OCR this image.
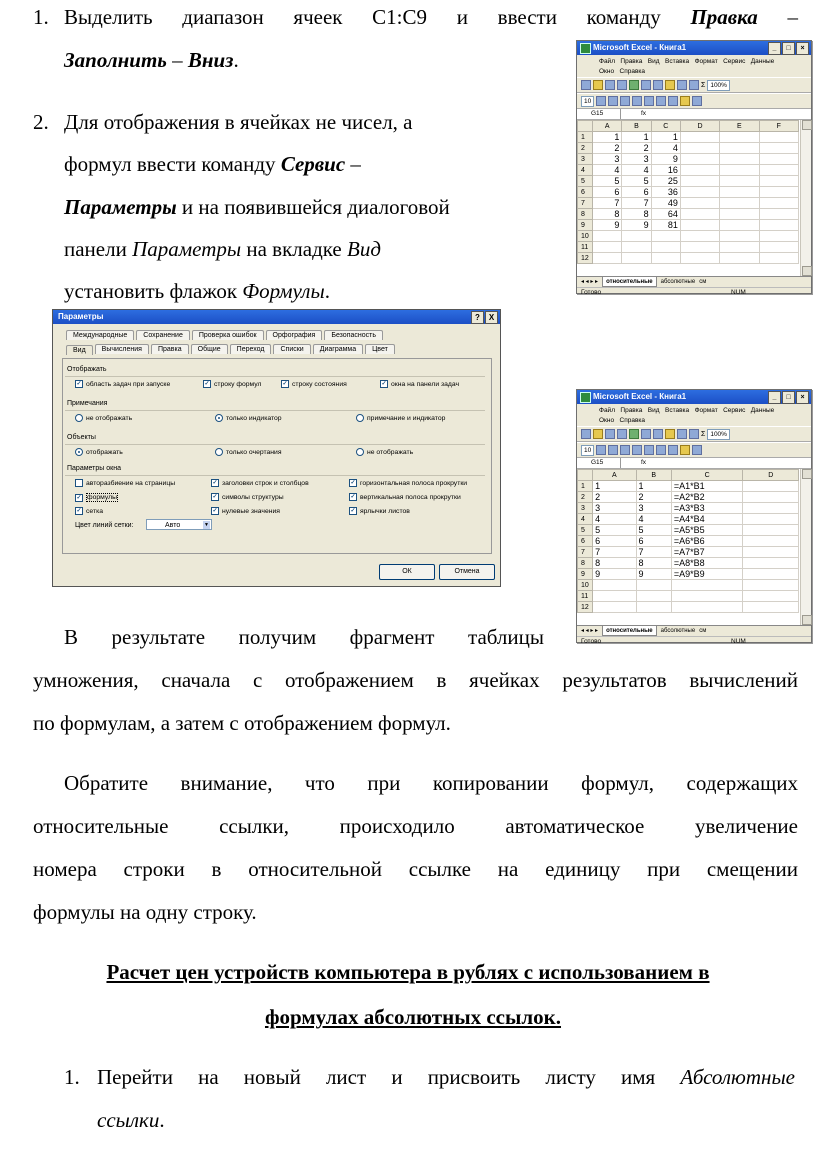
1. Выделить диапазон ячеек С1:С9 и ввести команду Правка –
Заполнить – Вниз.
2. Для отображения в ячейках не чисел, а
формул ввести команду Сервис –
Параметры и на появившейся диалоговой
панели Параметры на вкладке Вид
установить флажок Формулы.
Microsoft Excel - Книга1	_	□	×
Файл Правка Вид Вставка Формат Сервис Данные
Окно Справка
Σ 100%
10
G15	fx
	A	B	C	D	E	F
1	1	1	1			
2	2	2	4			
3	3	3	9			
4	4	4	16			
5	5	5	25			
6	6	6	36			
7	7	7	49			
8	8	8	64			
9	9	9	81			
10						
11						
12						
◂ ◂ ▸ ▸	относительные	абсолютные см
Готово	NUM
Параметры	?	X
Международные	Сохранение	Проверка ошибок	Орфография	Безопасность
Вид	Вычисления	Правка	Общие	Переход	Списки	Диаграмма	Цвет
Отображать
✓ область задач при запуске	✓ строку формул	✓ строку состояния	✓ окна на панели задач
Примечания
не отображать	только индикатор	примечание и индикатор
Объекты
отображать	только очертания	не отображать
Параметры окна
авторазбиение на страницы	✓ заголовки строк и столбцов	✓ горизонтальная полоса прокрутки
✓ формулы	✓ символы структуры	✓ вертикальная полоса прокрутки
✓ сетка	✓ нулевые значения	✓ ярлычки листов
Цвет линий сетки:	Авто	▼
ОК	Отмена
Microsoft Excel - Книга1	_	□	×
Файл Правка Вид Вставка Формат Сервис Данные
Окно Справка
Σ 100%
10
G15	fx
	A	B	C	D
1	1	1	=A1*B1	
2	2	2	=A2*B2	
3	3	3	=A3*B3	
4	4	4	=A4*B4	
5	5	5	=A5*B5	
6	6	6	=A6*B6	
7	7	7	=A7*B7	
8	8	8	=A8*B8	
9	9	9	=A9*B9	
10				
11				
12				
◂ ◂ ▸ ▸	относительные	абсолютные см
Готово	NUM
В результате получим фрагмент таблицы
умножения, сначала с отображением в ячейках результатов вычислений
по формулам, а затем с отображением формул.
Обратите внимание, что при копировании формул, содержащих
относительные ссылки, происходило автоматическое увеличение
номера строки в относительной ссылке на единицу при смещении
формулы на одну строку.
Расчет цен устройств компьютера в рублях с использованием в
формулах абсолютных ссылок.
1. Перейти на новый лист и присвоить листу имя Абсолютные
ссылки.
